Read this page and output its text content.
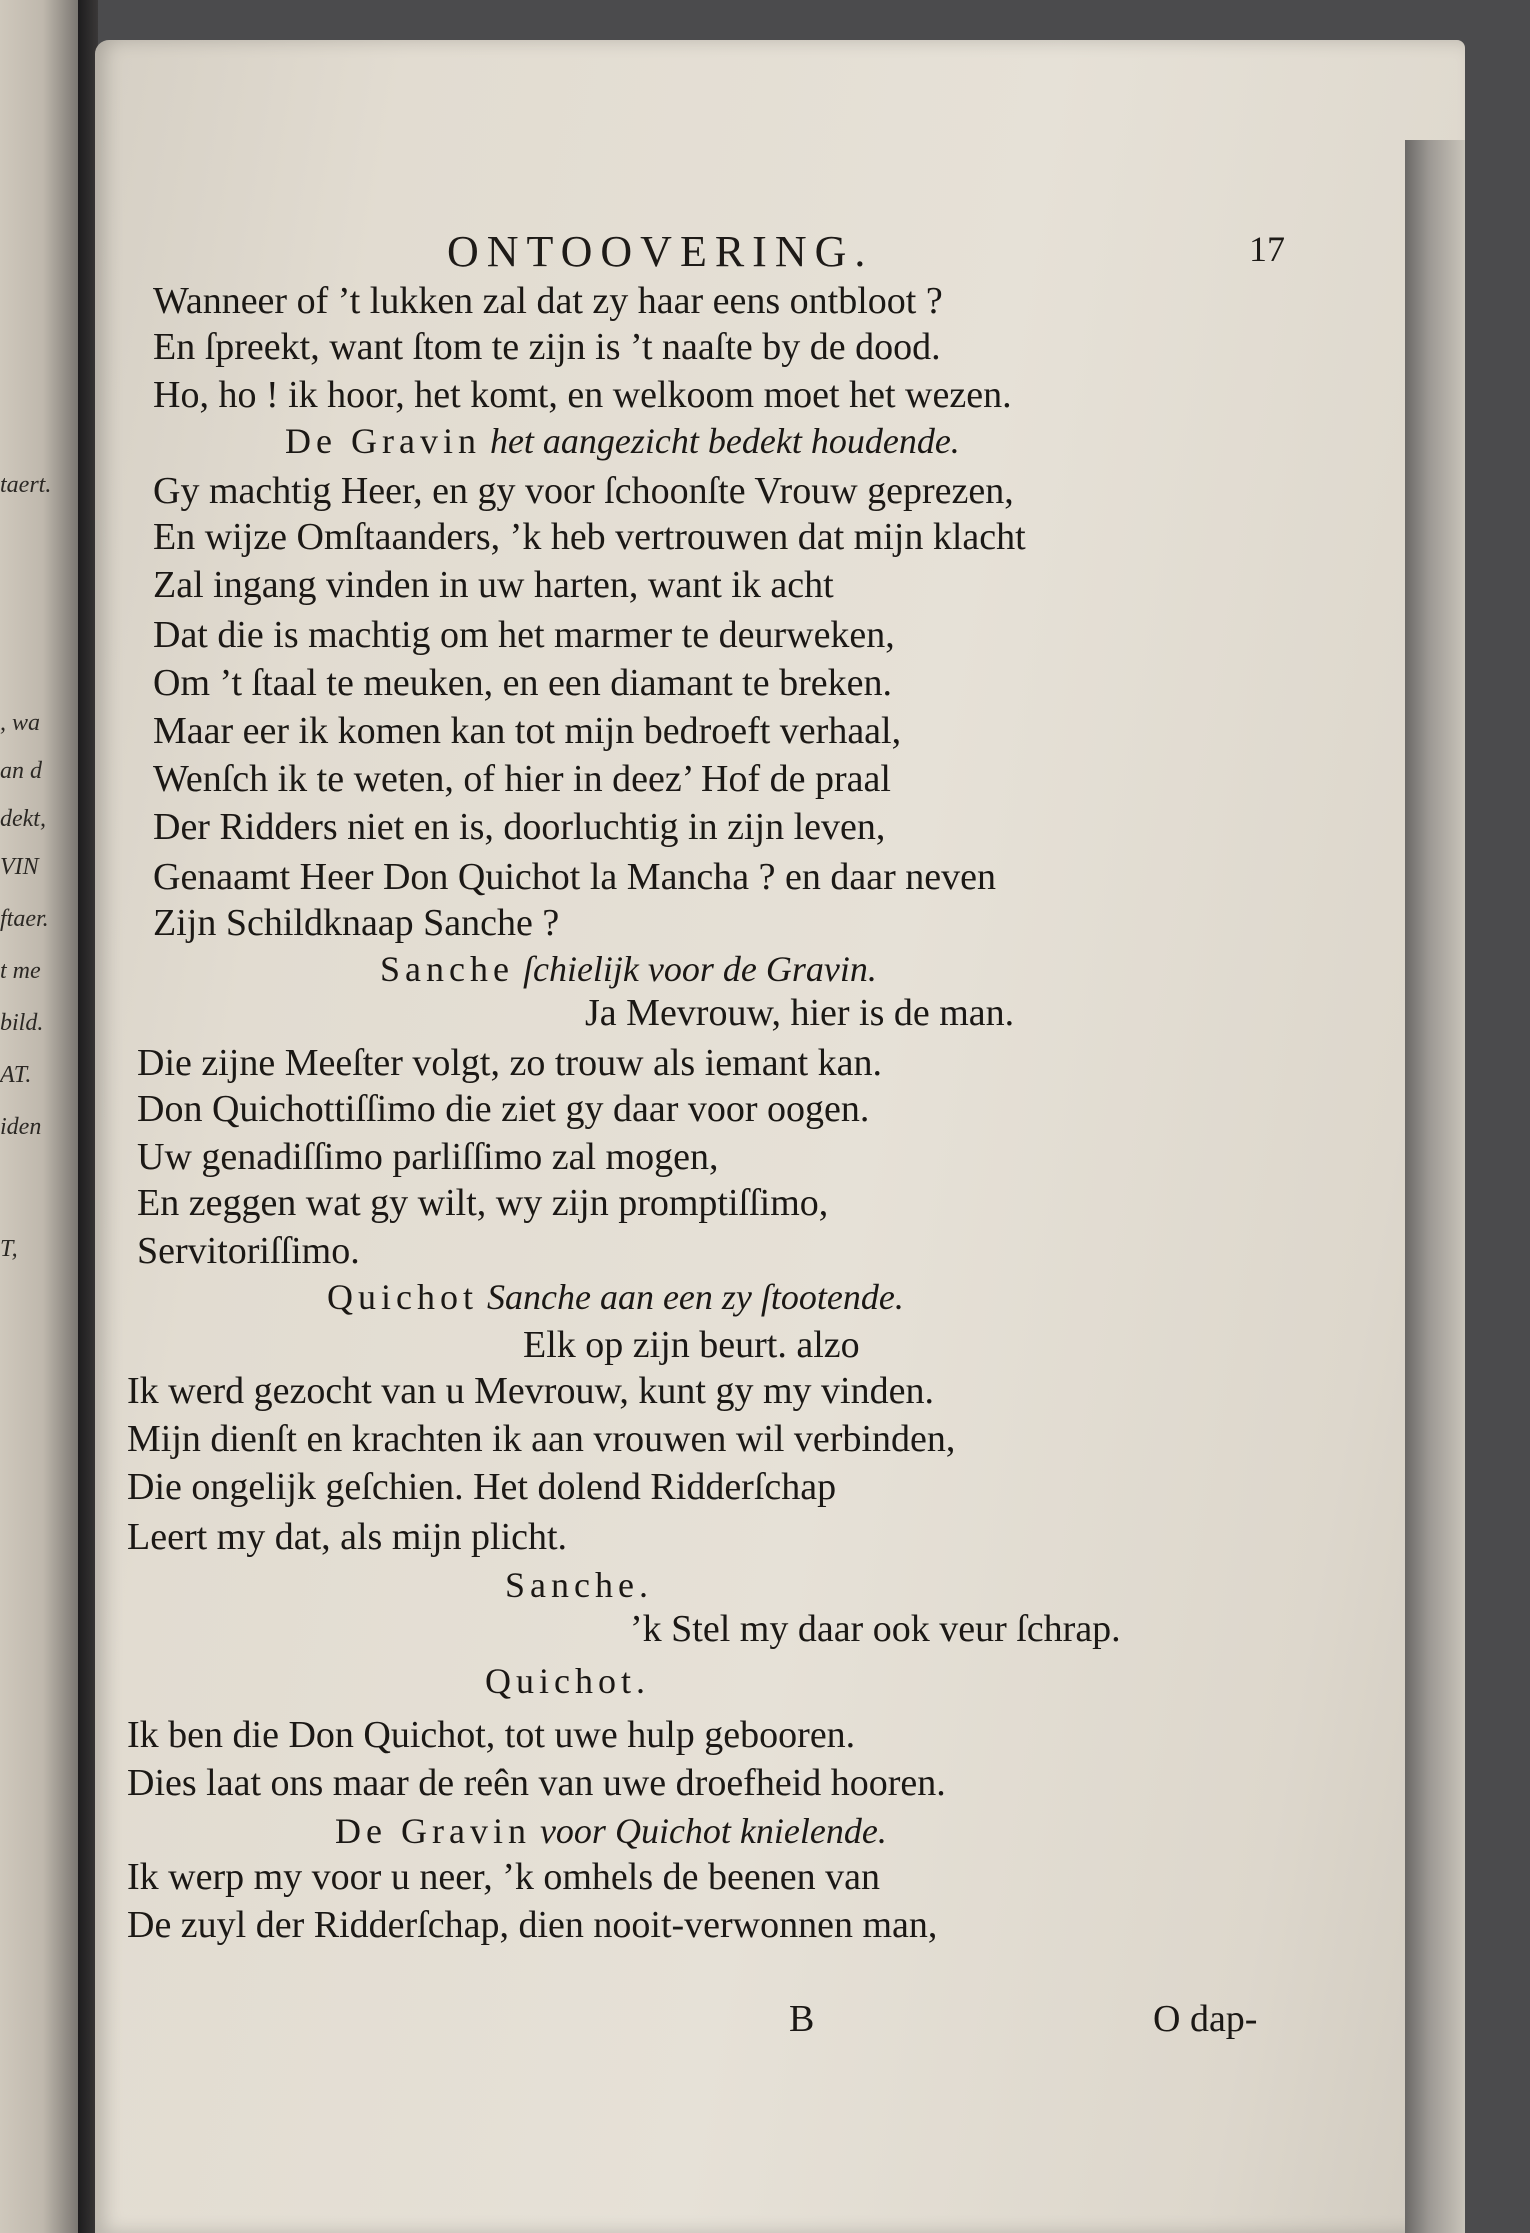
taert.
, wa
an d
dekt,
VIN
ftaer.
t me
bild.
AT.
iden
T,
ONTOOVERING.	17
Wanneer of ’t lukken zal dat zy haar eens ontbloot ?
En ſpreekt, want ſtom te zijn is ’t naaſte by de dood.
Ho, ho ! ik hoor, het komt, en welkoom moet het wezen.
De Gravin het aangezicht bedekt houdende.
Gy machtig Heer, en gy voor ſchoonſte Vrouw geprezen,
En wijze Omſtaanders, ’k heb vertrouwen dat mijn klacht
Zal ingang vinden in uw harten, want ik acht
Dat die is machtig om het marmer te deurweken,
Om ’t ſtaal te meuken, en een diamant te breken.
Maar eer ik komen kan tot mijn bedroeft verhaal,
Wenſch ik te weten, of hier in deez’ Hof de praal
Der Ridders niet en is, doorluchtig in zijn leven,
Genaamt Heer Don Quichot la Mancha ? en daar neven
Zijn Schildknaap Sanche ?
Sanche ſchielijk voor de Gravin.
Ja Mevrouw, hier is de man.
Die zijne Meeſter volgt, zo trouw als iemant kan.
Don Quichottiſſimo die ziet gy daar voor oogen.
Uw genadiſſimo parliſſimo zal mogen,
En zeggen wat gy wilt, wy zijn promptiſſimo,
Servitoriſſimo.
Quichot Sanche aan een zy ſtootende.
Elk op zijn beurt. alzo
Ik werd gezocht van u Mevrouw, kunt gy my vinden.
Mijn dienſt en krachten ik aan vrouwen wil verbinden,
Die ongelijk geſchien. Het dolend Ridderſchap
Leert my dat, als mijn plicht.
Sanche.
’k Stel my daar ook veur ſchrap.
Quichot.
Ik ben die Don Quichot, tot uwe hulp gebooren.
Dies laat ons maar de reên van uwe droefheid hooren.
De Gravin voor Quichot knielende.
Ik werp my voor u neer, ’k omhels de beenen van
De zuyl der Ridderſchap, dien nooit-verwonnen man,
B	O dap-
